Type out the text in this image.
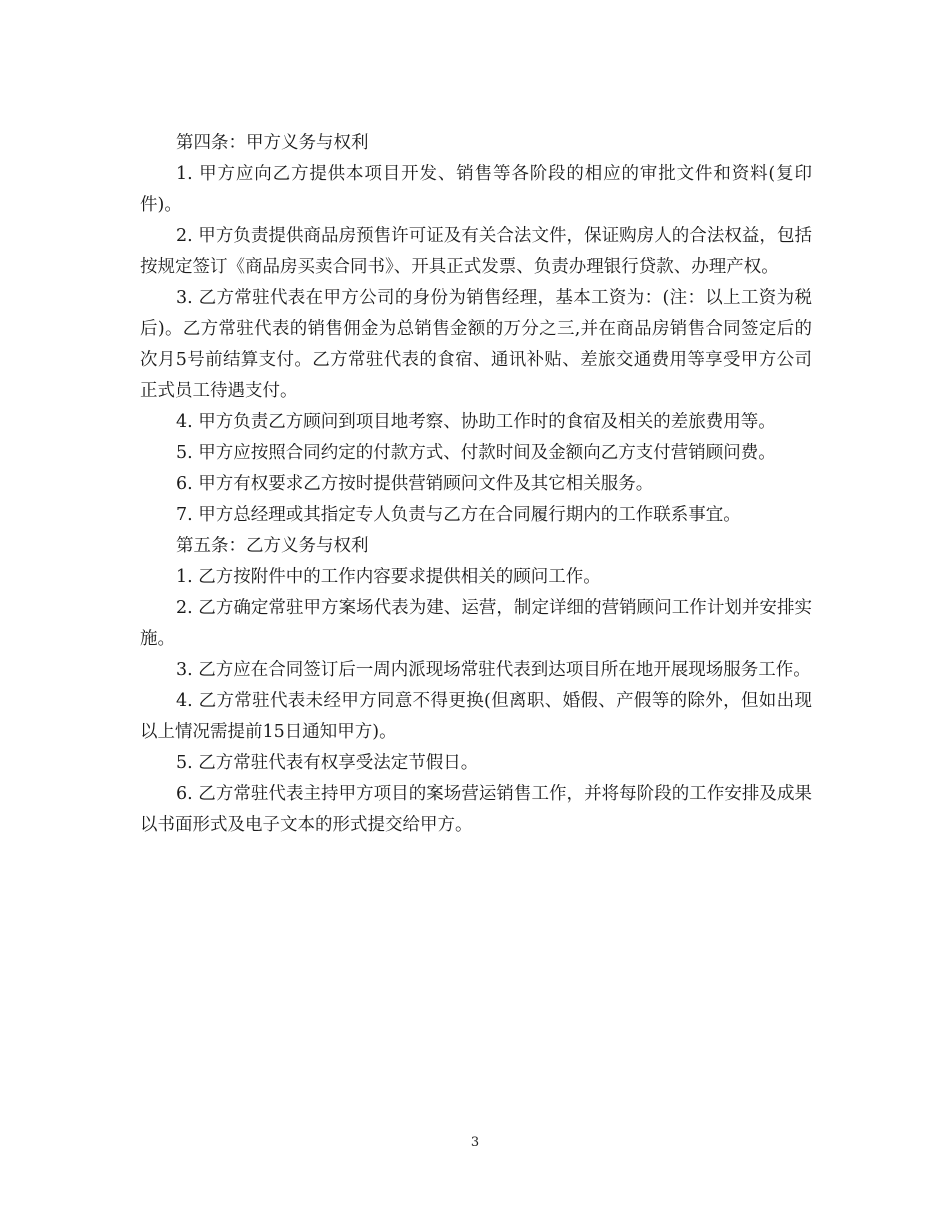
第四条：甲方义务与权利

1. 甲方应向乙方提供本项目开发、销售等各阶段的相应的审批文件和资料(复印件)。

2. 甲方负责提供商品房预售许可证及有关合法文件，保证购房人的合法权益，包括按规定签订《商品房买卖合同书》、开具正式发票、负责办理银行贷款、办理产权。

3. 乙方常驻代表在甲方公司的身份为销售经理，基本工资为：(注：以上工资为税后)。乙方常驻代表的销售佣金为总销售金额的万分之三,并在商品房销售合同签定后的次月5号前结算支付。乙方常驻代表的食宿、通讯补贴、差旅交通费用等享受甲方公司正式员工待遇支付。

4. 甲方负责乙方顾问到项目地考察、协助工作时的食宿及相关的差旅费用等。

5. 甲方应按照合同约定的付款方式、付款时间及金额向乙方支付营销顾问费。

6. 甲方有权要求乙方按时提供营销顾问文件及其它相关服务。

7. 甲方总经理或其指定专人负责与乙方在合同履行期内的工作联系事宜。

第五条：乙方义务与权利

1. 乙方按附件中的工作内容要求提供相关的顾问工作。

2. 乙方确定常驻甲方案场代表为建、运营，制定详细的营销顾问工作计划并安排实施。

3. 乙方应在合同签订后一周内派现场常驻代表到达项目所在地开展现场服务工作。

4. 乙方常驻代表未经甲方同意不得更换(但离职、婚假、产假等的除外，但如出现以上情况需提前15日通知甲方)。

5. 乙方常驻代表有权享受法定节假日。

6. 乙方常驻代表主持甲方项目的案场营运销售工作，并将每阶段的工作安排及成果以书面形式及电子文本的形式提交给甲方。

3
